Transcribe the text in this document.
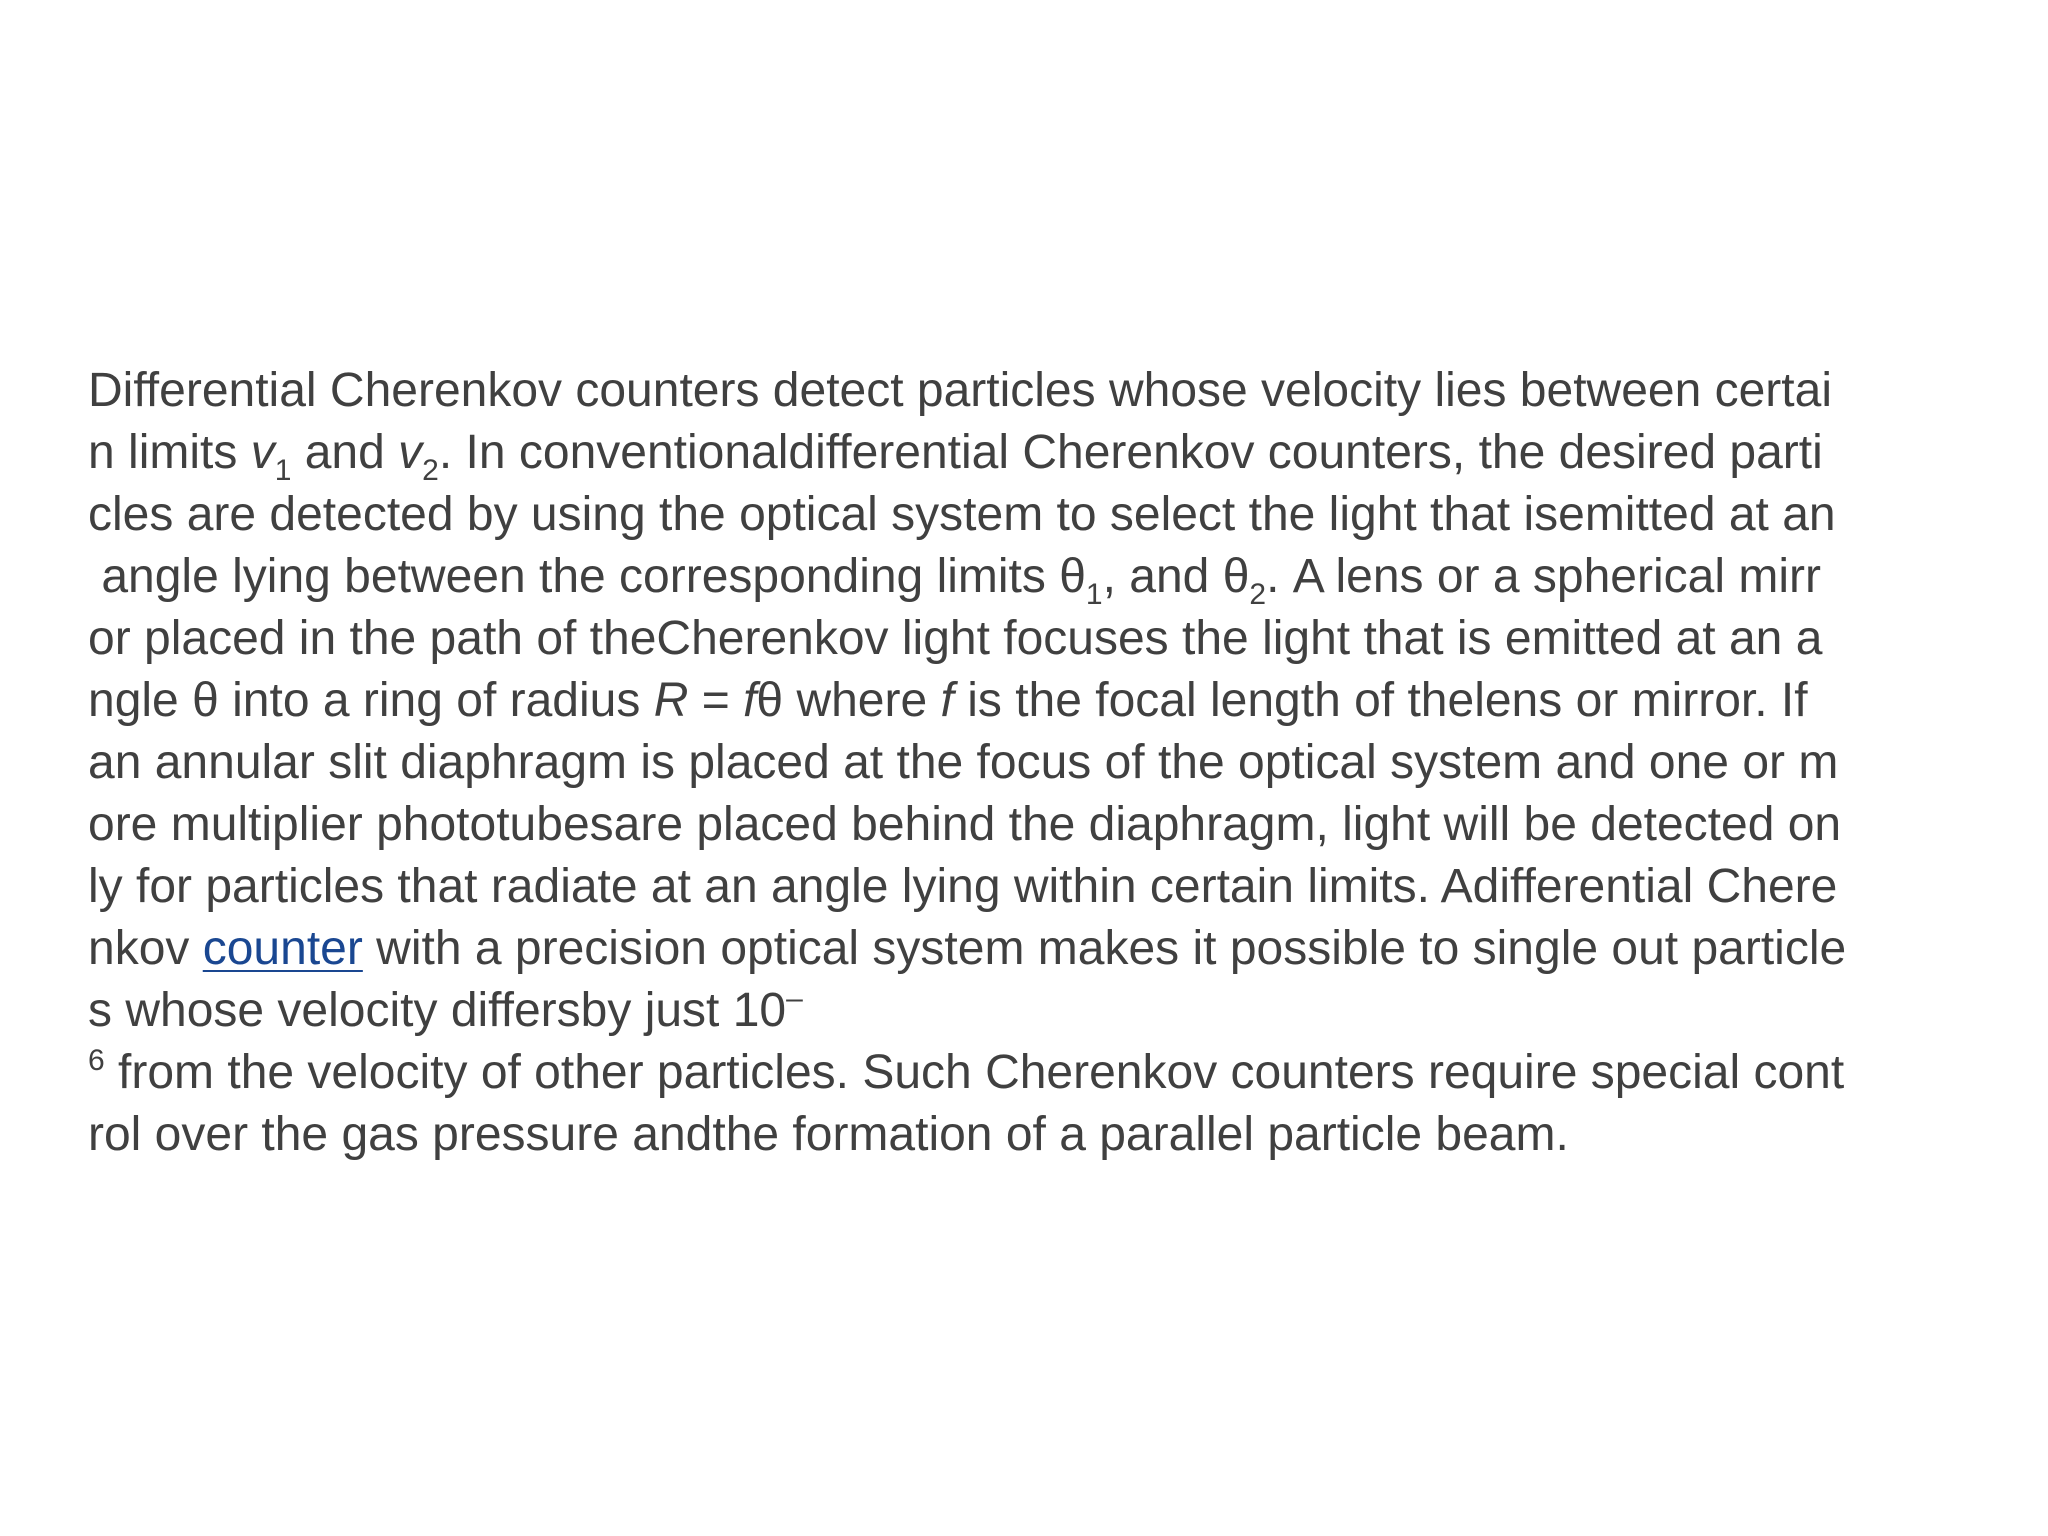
Differential Cherenkov counters detect particles whose velocity lies between certai
n limits $v_1$ and $v_2$. In conventionaldifferential Cherenkov counters, the desired parti
cles are detected by using the optical system to select the light that isemitted at an
angle lying between the corresponding limits $\theta_1$, and $\theta_2$. A lens or a spherical mirr
or placed in the path of theCherenkov light focuses the light that is emitted at an a
ngle θ into a ring of radius R = fθ where f is the focal length of thelens or mirror. If
an annular slit diaphragm is placed at the focus of the optical system and one or m
ore multiplier phototubesare placed behind the diaphragm, light will be detected on
ly for particles that radiate at an angle lying within certain limits. Adifferential Chere
nkov counter with a precision optical system makes it possible to single out particle
s whose velocity differsby just 10–
$^6$ from the velocity of other particles. Such Cherenkov counters require special cont
rol over the gas pressure andthe formation of a parallel particle beam.
